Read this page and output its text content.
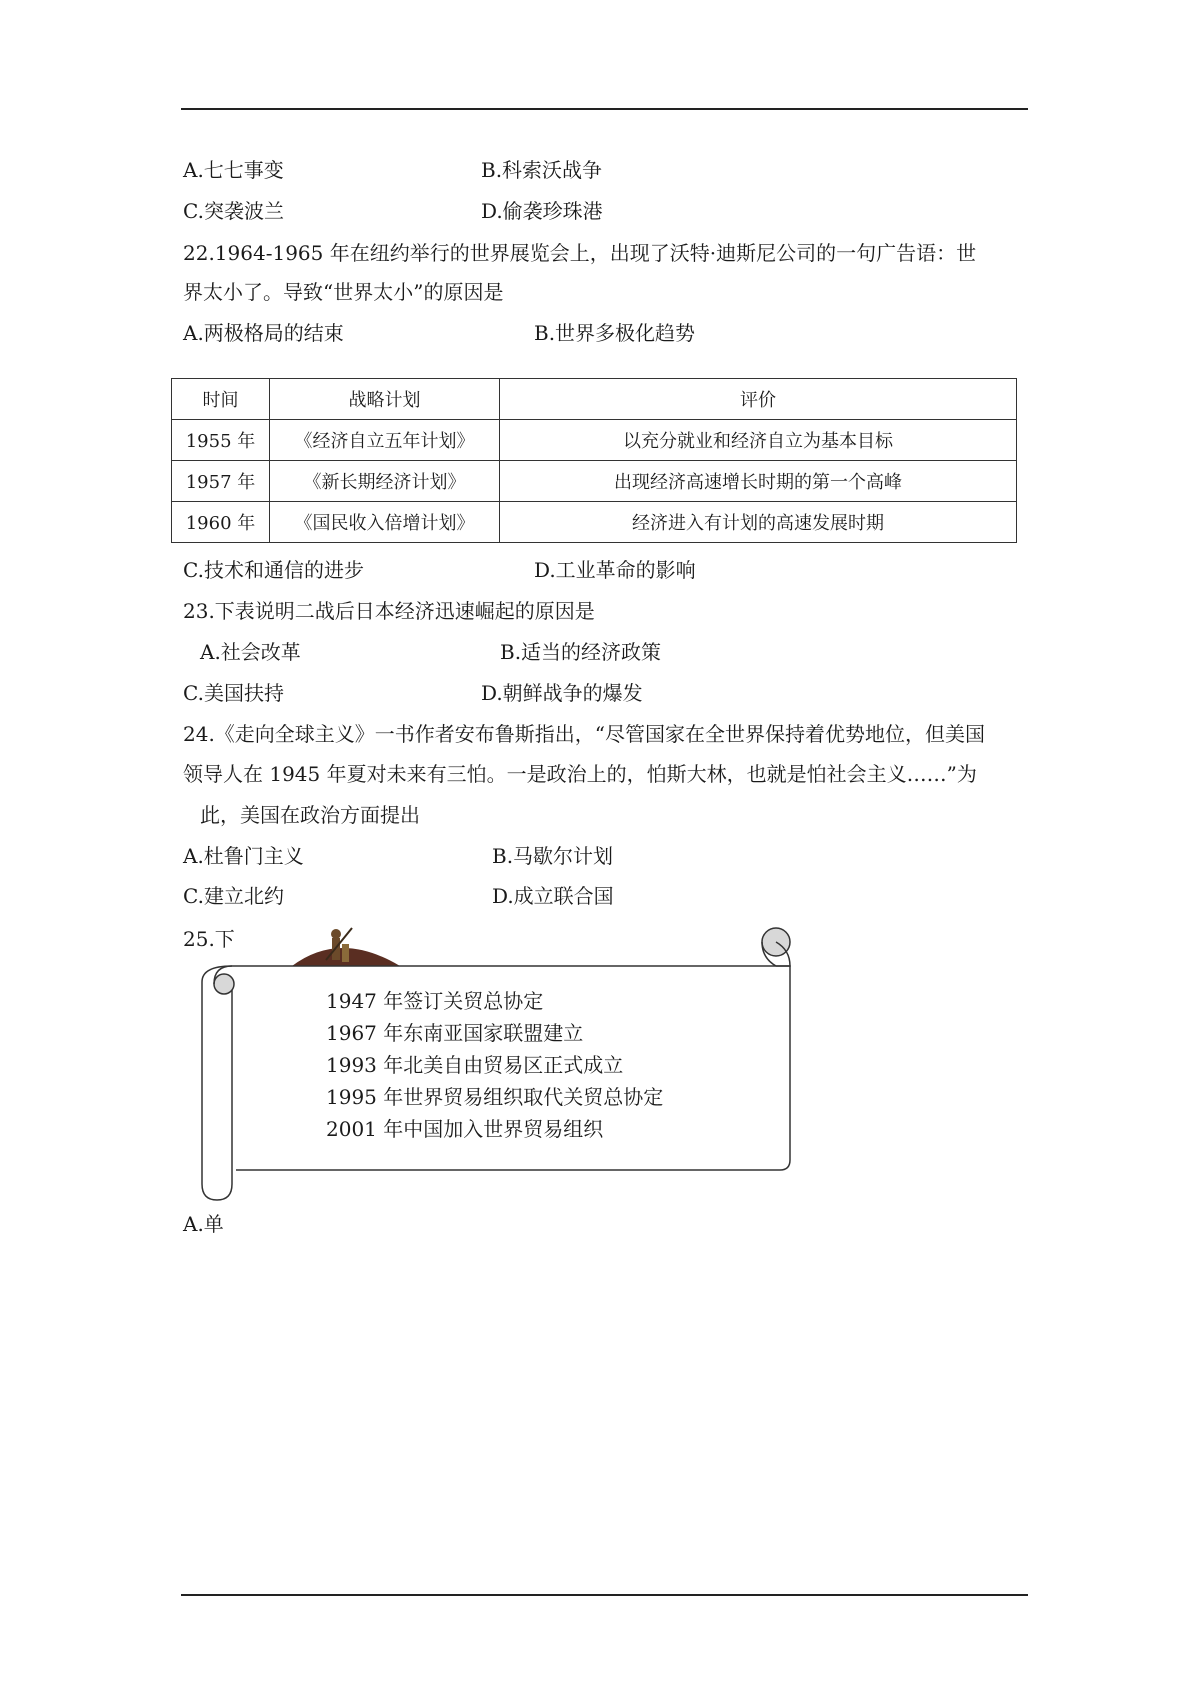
A.七七事变	B.科索沃战争
C.突袭波兰	D.偷袭珍珠港
22.1964-1965 年在纽约举行的世界展览会上，出现了沃特·迪斯尼公司的一句广告语：世
界太小了。导致“世界太小”的原因是
A.两极格局的结束	B.世界多极化趋势
时间	战略计划	评价
1955 年	《经济自立五年计划》	以充分就业和经济自立为基本目标
1957 年	《新长期经济计划》	出现经济高速增长时期的第一个高峰
1960 年	《国民收入倍增计划》	经济进入有计划的高速发展时期
C.技术和通信的进步	D.工业革命的影响
23.下表说明二战后日本经济迅速崛起的原因是
A.社会改革	B.适当的经济政策
C.美国扶持	D.朝鲜战争的爆发
24.《走向全球主义》一书作者安布鲁斯指出，“尽管国家在全世界保持着优势地位，但美国
领导人在 1945 年夏对未来有三怕。一是政治上的，怕斯大林，也就是怕社会主义……”为
此，美国在政治方面提出
A.杜鲁门主义	B.马歇尔计划
C.建立北约	D.成立联合国
25.下
1947 年签订关贸总协定
1967 年东南亚国家联盟建立
1993 年北美自由贸易区正式成立
1995 年世界贸易组织取代关贸总协定
2001 年中国加入世界贸易组织
A.单
